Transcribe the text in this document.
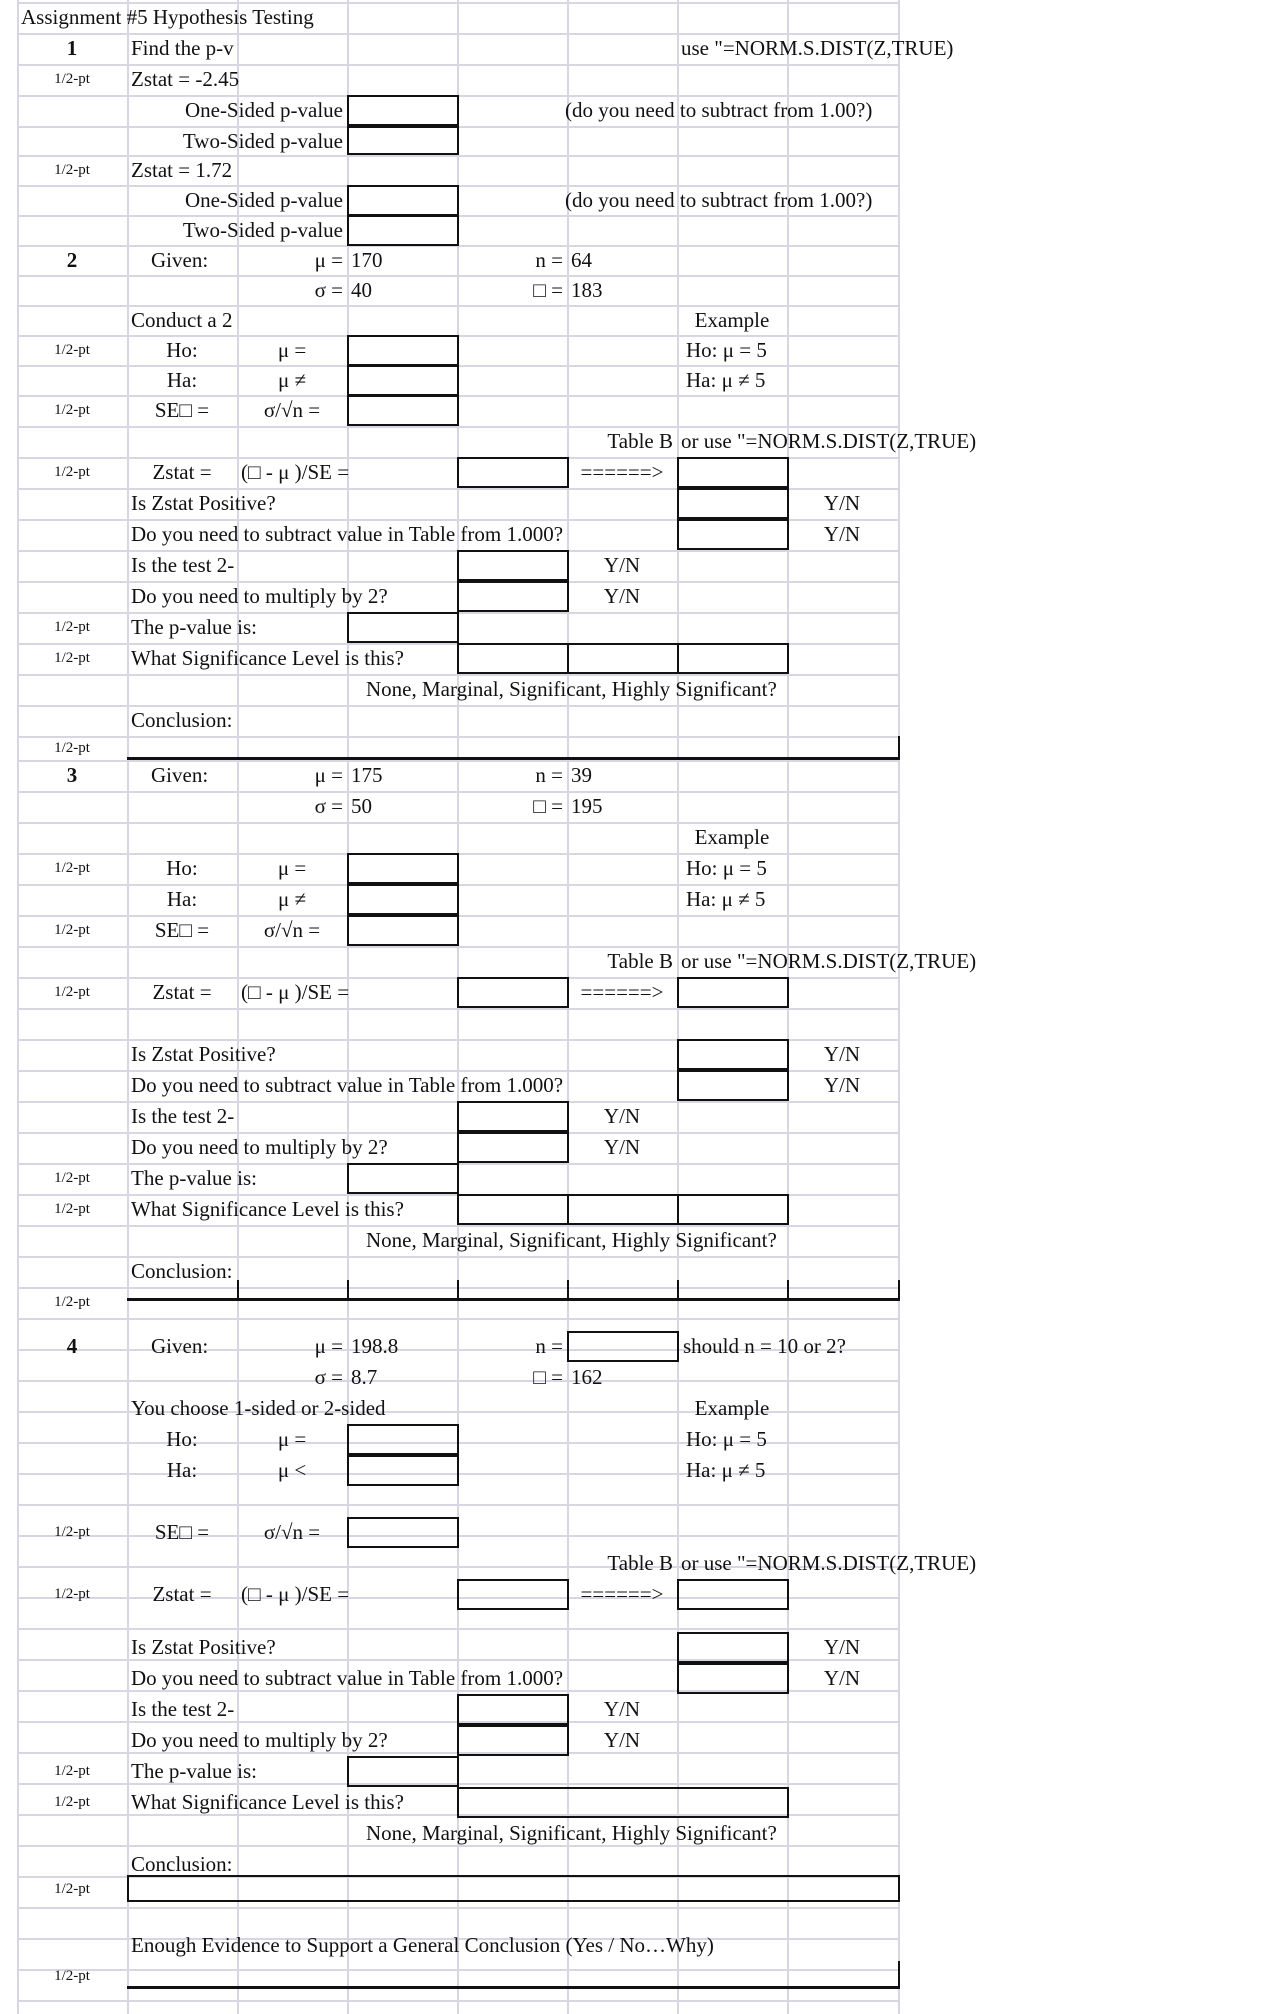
Assignment #5 Hypothesis Testing
1	Find the p-v	use "=NORM.S.DIST(Z,TRUE)
1/2-pt	Zstat = -2.45
One-Sided p-value	(do you need to subtract from 1.00?)
Two-Sided p-value
1/2-pt	Zstat = 1.72
One-Sided p-value	(do you need to subtract from 1.00?)
Two-Sided p-value
2	Given:	μ = 170	n = 64
σ = 40	□ = 183
Conduct a 2	Example
1/2-pt	Ho:	μ =	Ho: μ = 5
Ha:	μ ≠	Ha: μ ≠ 5
1/2-pt	SE□ =	σ/√n =
Table B or use "=NORM.S.DIST(Z,TRUE)
1/2-pt	Zstat =	(□ - μ )/SE =	======>
Is Zstat Positive?	Y/N
Do you need to subtract value in Table from 1.000?	Y/N
Is the test 2-	Y/N
Do you need to multiply by 2?	Y/N
1/2-pt	The p-value is:
1/2-pt	What Significance Level is this?
None, Marginal, Significant, Highly Significant?
Conclusion:
1/2-pt
3	Given:	μ = 175	n = 39
σ = 50	□ = 195
Example
1/2-pt	Ho:	μ =	Ho: μ = 5
Ha:	μ ≠	Ha: μ ≠ 5
1/2-pt	SE□ =	σ/√n =
Table B or use "=NORM.S.DIST(Z,TRUE)
1/2-pt	Zstat =	(□ - μ )/SE =	======>
Is Zstat Positive?	Y/N
Do you need to subtract value in Table from 1.000?	Y/N
Is the test 2-	Y/N
Do you need to multiply by 2?	Y/N
1/2-pt	The p-value is:
1/2-pt	What Significance Level is this?
None, Marginal, Significant, Highly Significant?
Conclusion:
1/2-pt
4	Given:	μ = 198.8	n =	should n = 10 or 2?
σ = 8.7	□ = 162
You choose 1-sided or 2-sided	Example
Ho:	μ =	Ho: μ = 5
Ha:	μ <	Ha: μ ≠ 5
1/2-pt	SE□ =	σ/√n =
Table B or use "=NORM.S.DIST(Z,TRUE)
1/2-pt	Zstat =	(□ - μ )/SE =	======>
Is Zstat Positive?	Y/N
Do you need to subtract value in Table from 1.000?	Y/N
Is the test 2-	Y/N
Do you need to multiply by 2?	Y/N
1/2-pt	The p-value is:
1/2-pt	What Significance Level is this?
None, Marginal, Significant, Highly Significant?
Conclusion:
1/2-pt
Enough Evidence to Support a General Conclusion (Yes / No…Why)
1/2-pt
